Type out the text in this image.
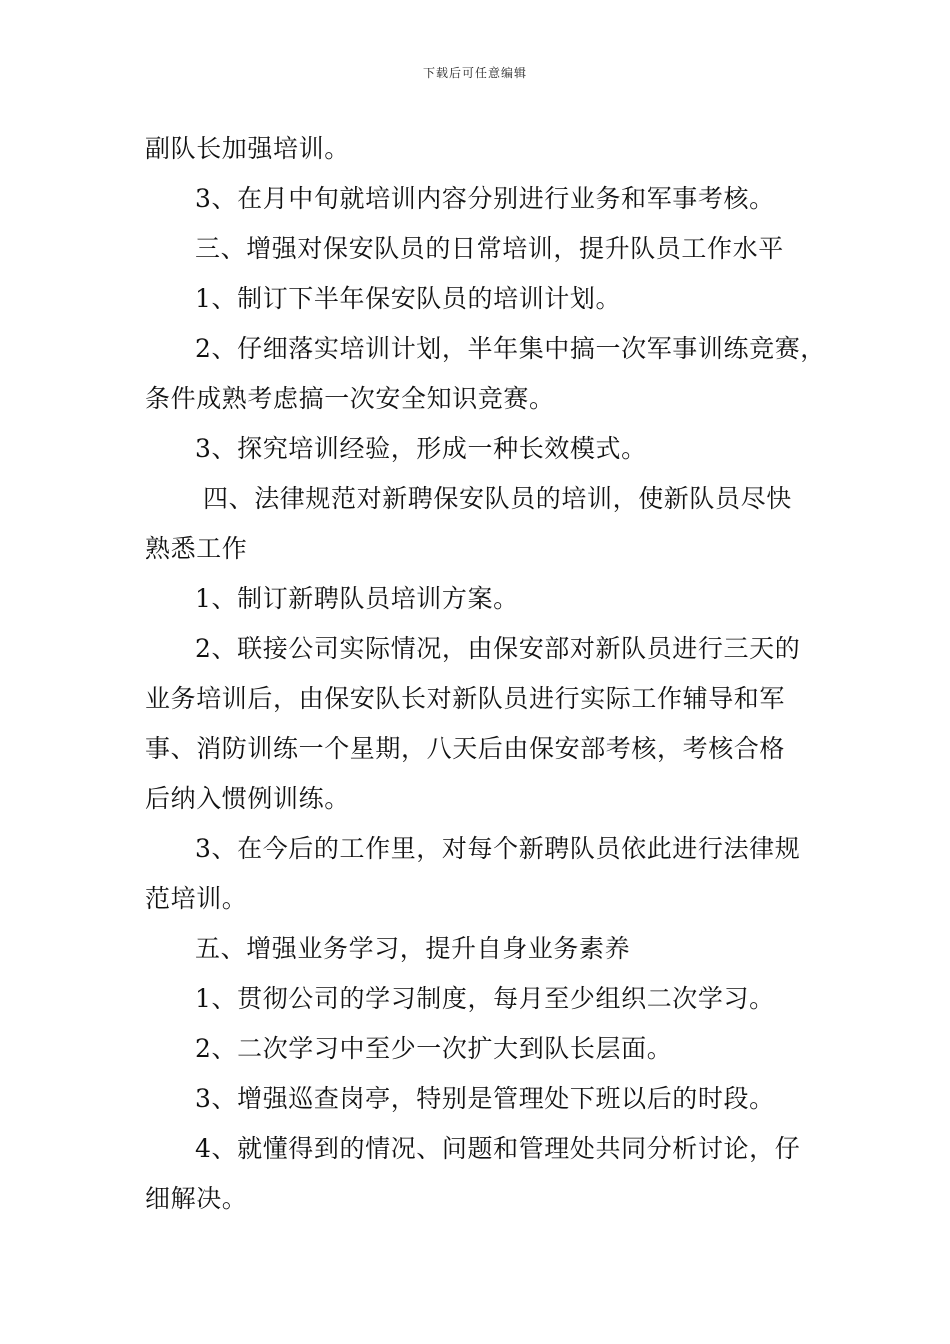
下载后可任意编辑
副队长加强培训。
3、在月中旬就培训内容分别进行业务和军事考核。
三、增强对保安队员的日常培训，提升队员工作水平
1、制订下半年保安队员的培训计划。
2、仔细落实培训计划，半年集中搞一次军事训练竞赛，
条件成熟考虑搞一次安全知识竞赛。
3、探究培训经验，形成一种长效模式。
四、法律规范对新聘保安队员的培训，使新队员尽快
熟悉工作
1、制订新聘队员培训方案。
2、联接公司实际情况，由保安部对新队员进行三天的
业务培训后，由保安队长对新队员进行实际工作辅导和军
事、消防训练一个星期，八天后由保安部考核，考核合格
后纳入惯例训练。
3、在今后的工作里，对每个新聘队员依此进行法律规
范培训。
五、增强业务学习，提升自身业务素养
1、贯彻公司的学习制度，每月至少组织二次学习。
2、二次学习中至少一次扩大到队长层面。
3、增强巡查岗亭，特别是管理处下班以后的时段。
4、就懂得到的情况、问题和管理处共同分析讨论，仔
细解决。
